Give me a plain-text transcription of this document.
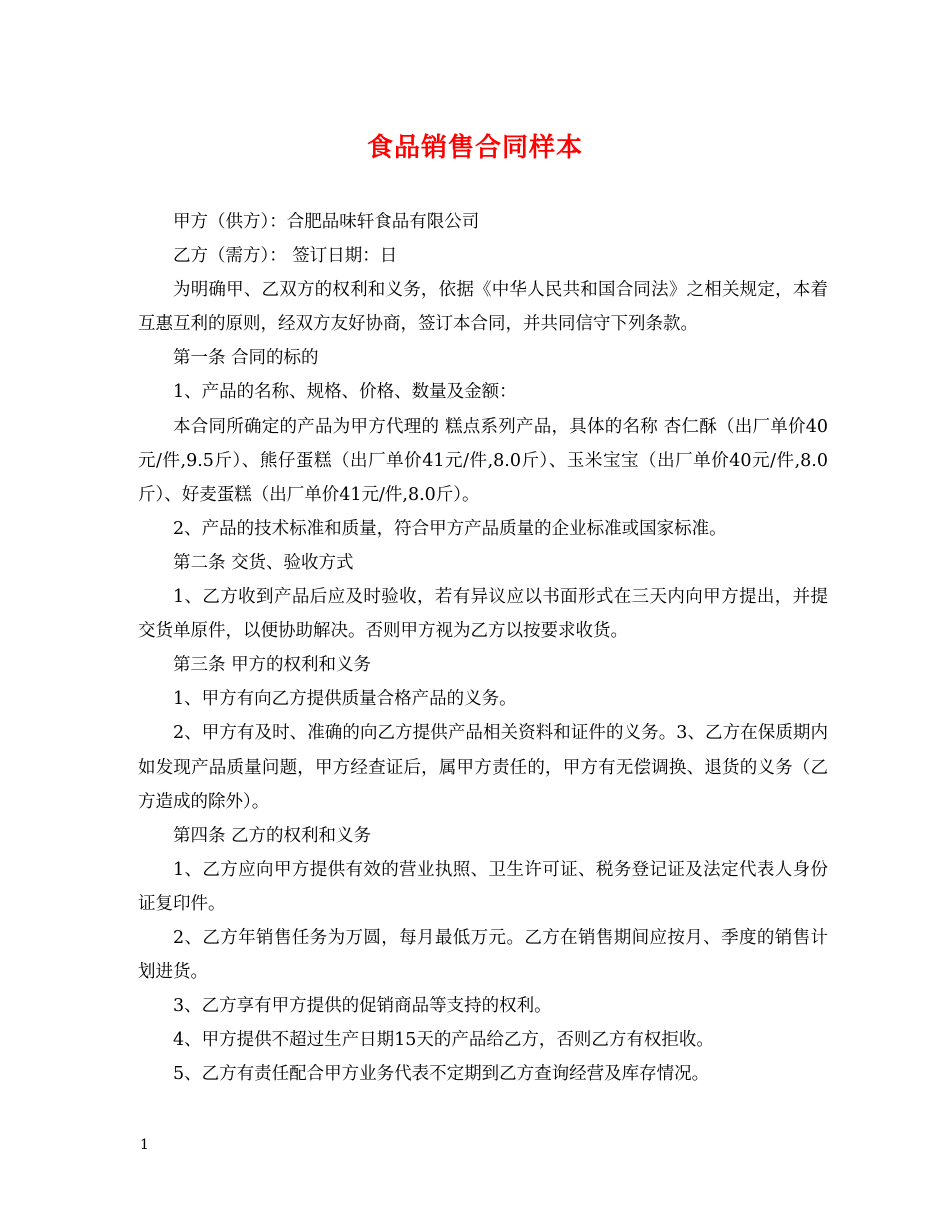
食品销售合同样本

甲方（供方）：合肥品味轩食品有限公司

乙方（需方）： 签订日期：日

为明确甲、乙双方的权利和义务，依据《中华人民共和国合同法》之相关规定，本着互惠互利的原则，经双方友好协商，签订本合同，并共同信守下列条款。

第一条 合同的标的

1、产品的名称、规格、价格、数量及金额：

本合同所确定的产品为甲方代理的 糕点系列产品，具体的名称 杏仁酥（出厂单价40元/件,9.5斤）、熊仔蛋糕（出厂单价41元/件,8.0斤）、玉米宝宝（出厂单价40元/件,8.0斤）、好麦蛋糕（出厂单价41元/件,8.0斤）。

2、产品的技术标准和质量，符合甲方产品质量的企业标准或国家标准。

第二条 交货、验收方式

1、乙方收到产品后应及时验收，若有异议应以书面形式在三天内向甲方提出，并提交货单原件，以便协助解决。否则甲方视为乙方以按要求收货。

第三条 甲方的权利和义务

1、甲方有向乙方提供质量合格产品的义务。

2、甲方有及时、准确的向乙方提供产品相关资料和证件的义务。3、乙方在保质期内如发现产品质量问题，甲方经查证后，属甲方责任的，甲方有无偿调换、退货的义务（乙方造成的除外）。

第四条 乙方的权利和义务

1、乙方应向甲方提供有效的营业执照、卫生许可证、税务登记证及法定代表人身份证复印件。

2、乙方年销售任务为万圆，每月最低万元。乙方在销售期间应按月、季度的销售计划进货。

3、乙方享有甲方提供的促销商品等支持的权利。

4、甲方提供不超过生产日期15天的产品给乙方，否则乙方有权拒收。

5、乙方有责任配合甲方业务代表不定期到乙方查询经营及库存情况。

1
